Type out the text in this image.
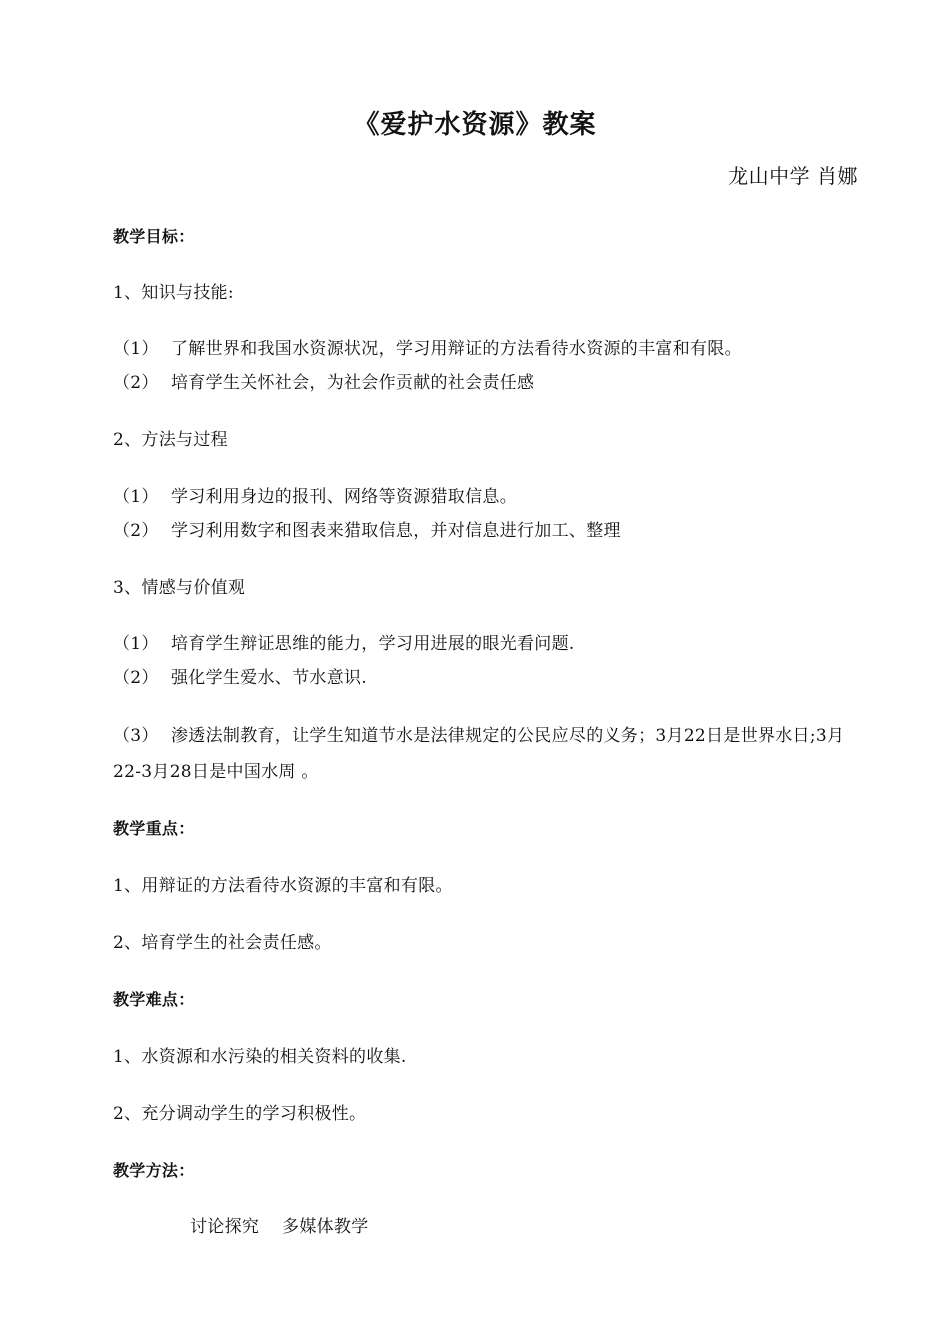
《爱护水资源》教案
龙山中学 肖娜
教学目标：
1、知识与技能:
（1） 了解世界和我国水资源状况，学习用辩证的方法看待水资源的丰富和有限。
（2） 培育学生关怀社会，为社会作贡献的社会责任感
2、方法与过程
（1） 学习利用身边的报刊、网络等资源猎取信息。
（2） 学习利用数字和图表来猎取信息，并对信息进行加工、整理
3、情感与价值观
（1） 培育学生辩证思维的能力，学习用进展的眼光看问题.
（2） 强化学生爱水、节水意识.
（3） 渗透法制教育，让学生知道节水是法律规定的公民应尽的义务；3月22日是世界水日;3月22-3月28日是中国水周 。
教学重点：
1、用辩证的方法看待水资源的丰富和有限。
2、培育学生的社会责任感。
教学难点：
1、水资源和水污染的相关资料的收集.
2、充分调动学生的学习积极性。
教学方法：
讨论探究    多媒体教学
